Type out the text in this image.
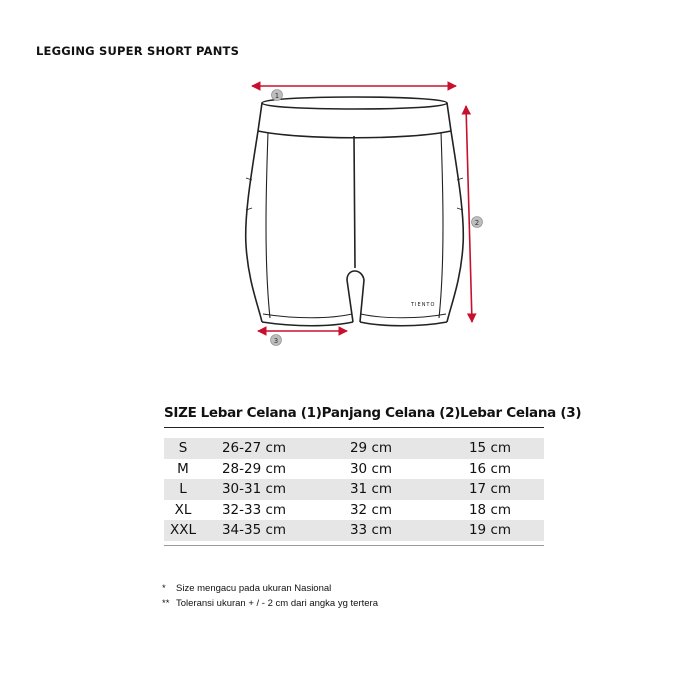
LEGGING SUPER SHORT PANTS
TIENTO
1
2
3
SIZE Lebar Celana (1) Panjang Celana (2) Lebar Celana (3)
S	26-27 cm	29 cm	15 cm
M	28-29 cm	30 cm	16 cm
L	30-31 cm	31 cm	17 cm
XL	32-33 cm	32 cm	18 cm
XXL	34-35 cm	33 cm	19 cm
*	Size mengacu pada ukuran Nasional
** Toleransi ukuran + / - 2 cm dari angka yg tertera
